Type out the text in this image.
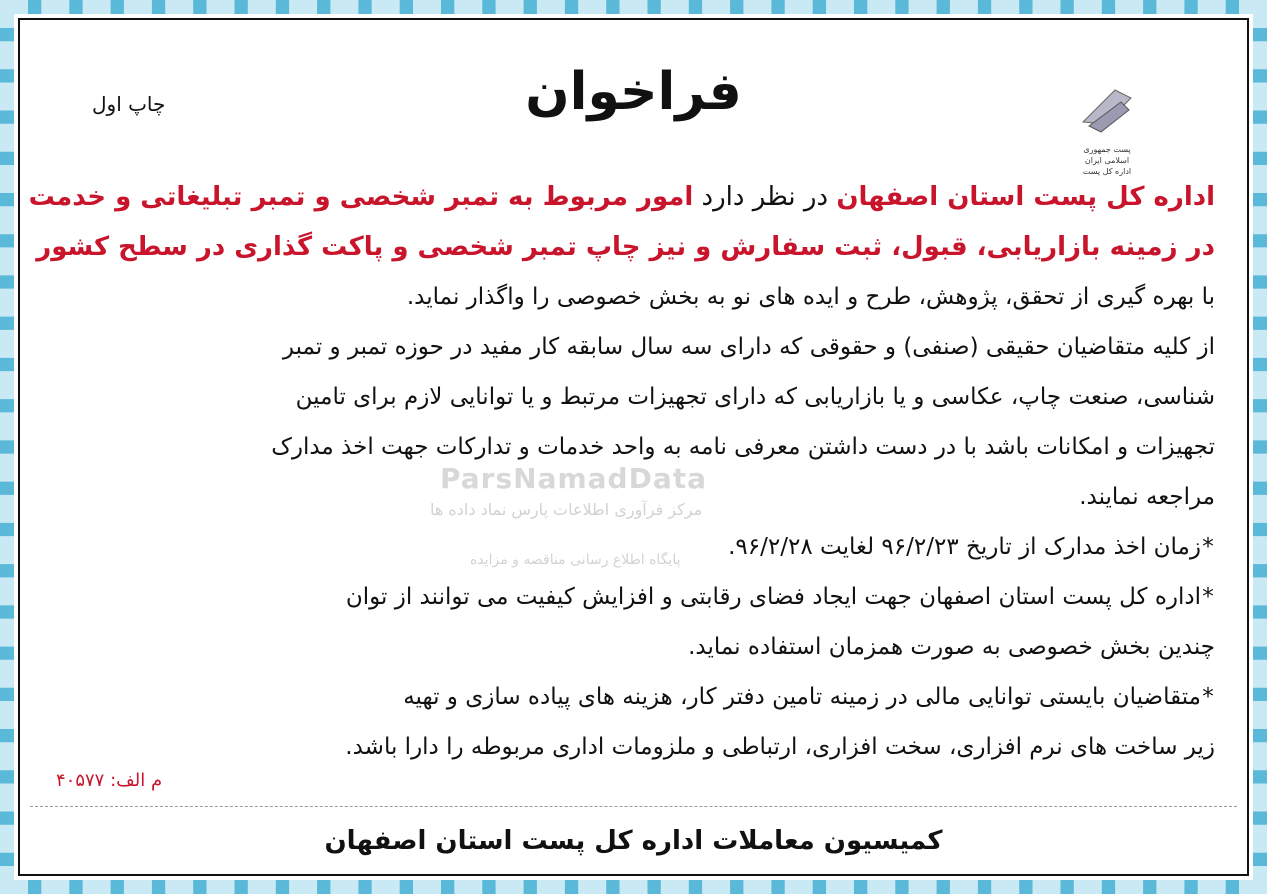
ParsNamadData
مرکز فرآوری اطلاعات پارس نماد داده ها
پایگاه اطلاع رسانی مناقصه و مزایده
پست جمهوری اسلامی ایران
اداره کل پست
فراخوان
چاپ اول
اداره کل پست استان اصفهان در نظر دارد امور مربوط به تمبر شخصی و تمبر تبلیغاتی و خدمت
در زمینه بازاریابی، قبول، ثبت سفارش و نیز چاپ تمبر شخصی و پاکت گذاری در سطح کشور
با بهره گیری از تحقق، پژوهش، طرح و ایده های نو به بخش خصوصی را واگذار نماید.
از کلیه متقاضیان حقیقی (صنفی) و حقوقی که دارای سه سال سابقه کار مفید در حوزه تمبر و تمبر
شناسی، صنعت چاپ، عکاسی و یا بازاریابی که دارای تجهیزات مرتبط و یا توانایی لازم برای تامین
تجهیزات و امکانات باشد با در دست داشتن معرفی نامه به واحد خدمات و تدارکات جهت اخذ مدارک
مراجعه نمایند.
*زمان اخذ مدارک از تاریخ ۹۶/۲/۲۳ لغایت ۹۶/۲/۲۸.
*اداره کل پست استان اصفهان جهت ایجاد فضای رقابتی و افزایش کیفیت می توانند از توان
چندین بخش خصوصی به صورت همزمان استفاده نماید.
*متقاضیان بایستی توانایی مالی در زمینه تامین دفتر کار، هزینه های پیاده سازی و تهیه
زیر ساخت های نرم افزاری، سخت افزاری، ارتباطی و ملزومات اداری مربوطه را دارا باشد.
م الف: ۴۰۵۷۷
کمیسیون معاملات اداره کل پست استان اصفهان
